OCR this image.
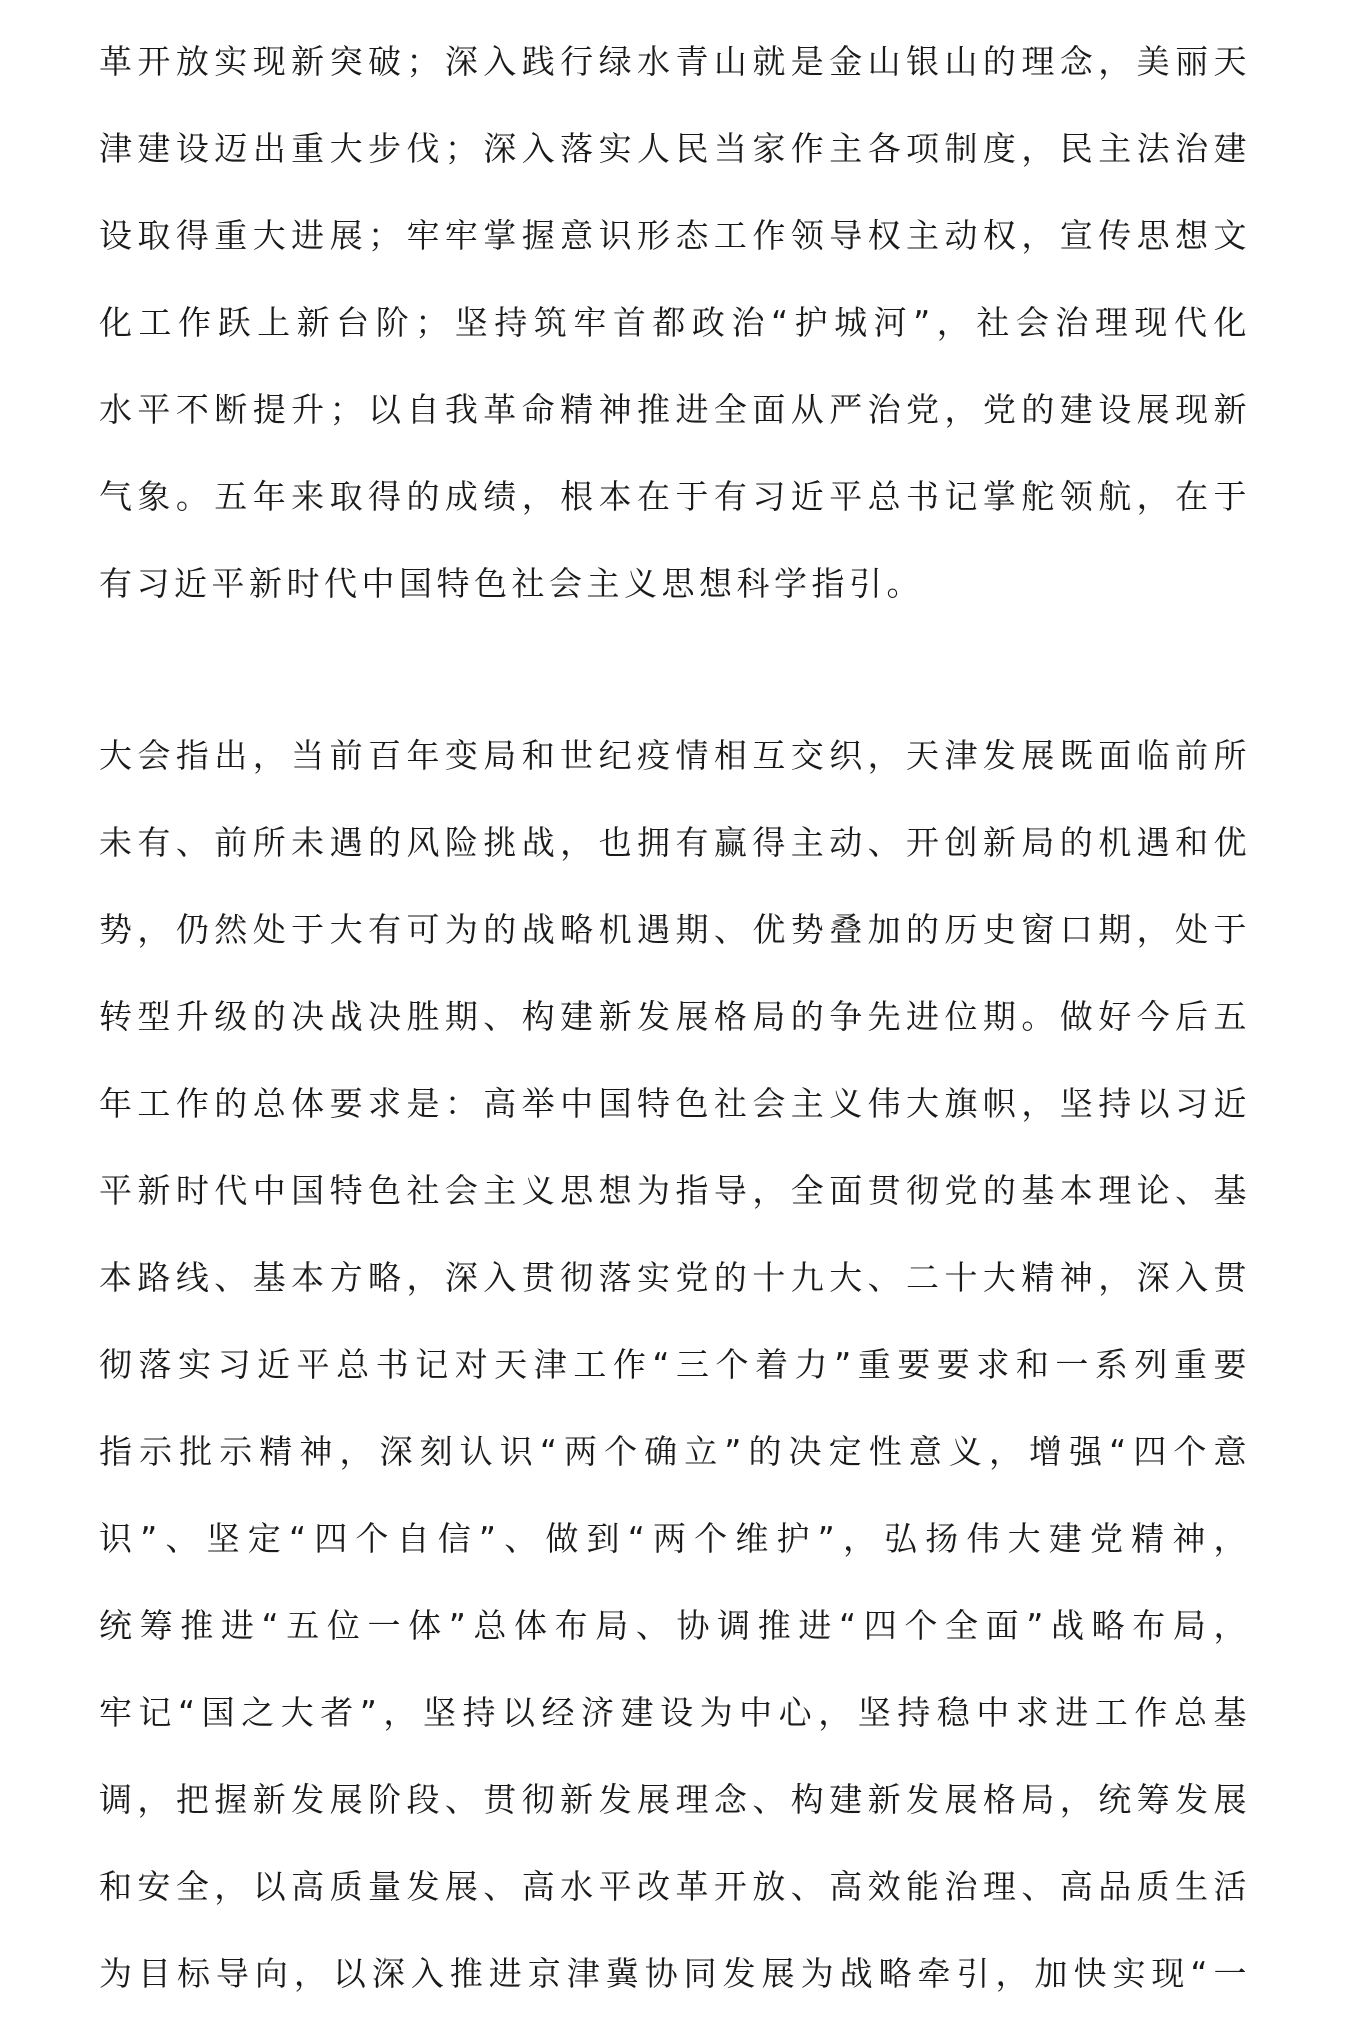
革开放实现新突破；深入践行绿水青山就是金山银山的理念，美丽天

津建设迈出重大步伐；深入落实人民当家作主各项制度，民主法治建

设取得重大进展；牢牢掌握意识形态工作领导权主动权，宣传思想文

化工作跃上新台阶；坚持筑牢首都政治“护城河”，社会治理现代化

水平不断提升；以自我革命精神推进全面从严治党，党的建设展现新

气象。五年来取得的成绩，根本在于有习近平总书记掌舵领航，在于

有习近平新时代中国特色社会主义思想科学指引。

大会指出，当前百年变局和世纪疫情相互交织，天津发展既面临前所

未有、前所未遇的风险挑战，也拥有赢得主动、开创新局的机遇和优

势，仍然处于大有可为的战略机遇期、优势叠加的历史窗口期，处于

转型升级的决战决胜期、构建新发展格局的争先进位期。做好今后五

年工作的总体要求是：高举中国特色社会主义伟大旗帜，坚持以习近

平新时代中国特色社会主义思想为指导，全面贯彻党的基本理论、基

本路线、基本方略，深入贯彻落实党的十九大、二十大精神，深入贯

彻落实习近平总书记对天津工作“三个着力”重要要求和一系列重要

指示批示精神，深刻认识“两个确立”的决定性意义，增强“四个意

识”、坚定“四个自信”、做到“两个维护”，弘扬伟大建党精神，

统筹推进“五位一体”总体布局、协调推进“四个全面”战略布局，

牢记“国之大者”，坚持以经济建设为中心，坚持稳中求进工作总基

调，把握新发展阶段、贯彻新发展理念、构建新发展格局，统筹发展

和安全，以高质量发展、高水平改革开放、高效能治理、高品质生活

为目标导向，以深入推进京津冀协同发展为战略牵引，加快实现“一
